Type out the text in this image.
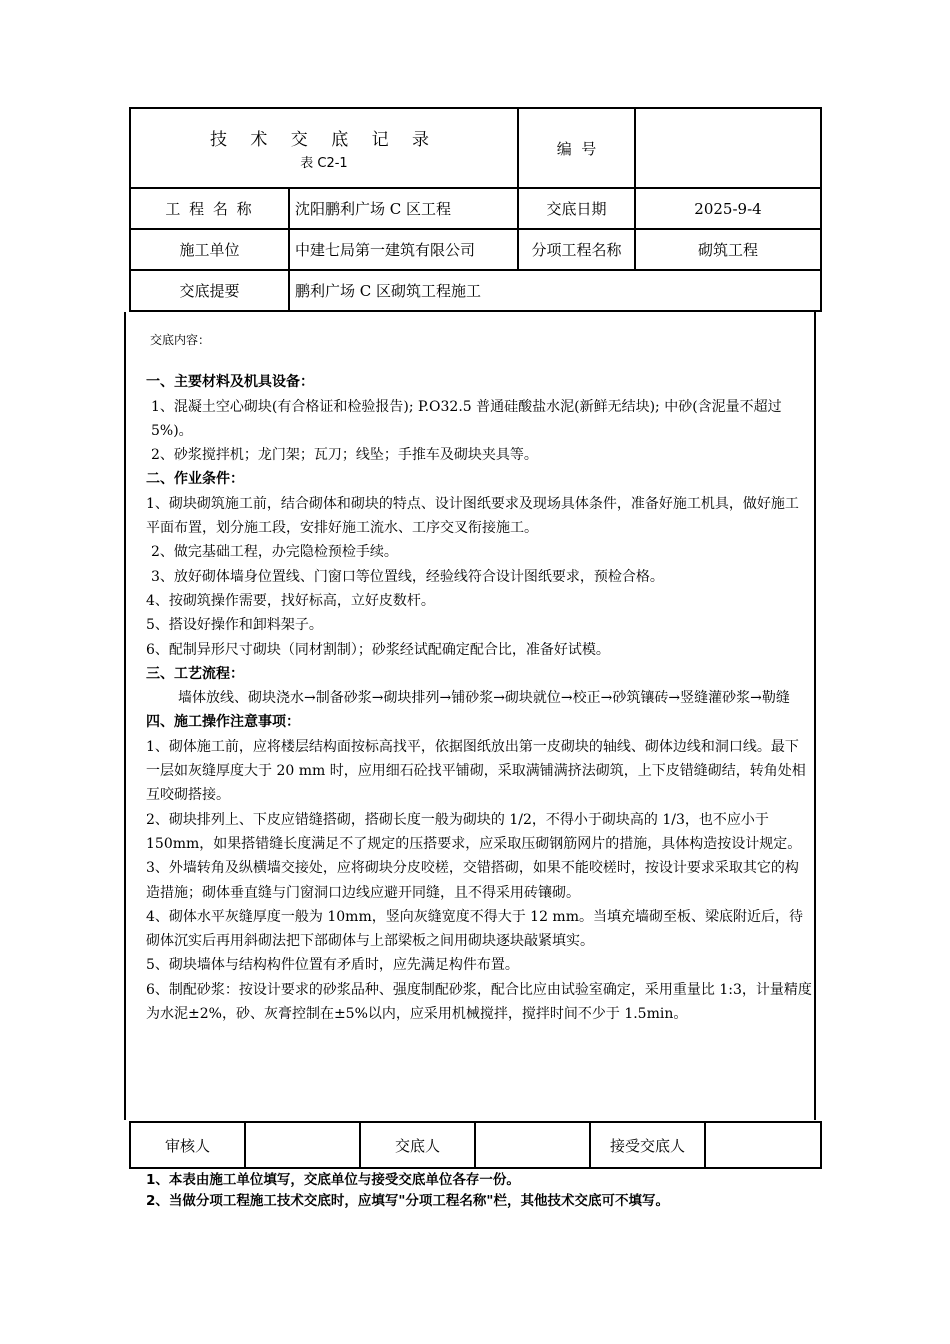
技 术 交 底 记 录
表 C2-1		编  号	
工 程 名 称	沈阳鹏利广场 C 区工程	交底日期	2025-9-4
施工单位	中建七局第一建筑有限公司	分项工程名称	砌筑工程
交底提要	鹏利广场 C 区砌筑工程施工		

交底内容：

一、主要材料及机具设备：

1、混凝土空心砌块(有合格证和检验报告); P.O32.5 普通硅酸盐水泥(新鲜无结块); 中砂(含泥量不超过 5%)。

2、砂浆搅拌机；龙门架；瓦刀；线坠；手推车及砌块夹具等。

二、作业条件：

1、砌块砌筑施工前，结合砌体和砌块的特点、设计图纸要求及现场具体条件，准备好施工机具，做好施工平面布置，划分施工段，安排好施工流水、工序交叉衔接施工。

2、做完基础工程，办完隐检预检手续。

3、放好砌体墙身位置线、门窗口等位置线，经验线符合设计图纸要求，预检合格。

4、按砌筑操作需要，找好标高，立好皮数杆。

5、搭设好操作和卸料架子。

6、配制异形尺寸砌块（同材割制）；砂浆经试配确定配合比，准备好试模。

三、工艺流程：

墙体放线、砌块浇水→制备砂浆→砌块排列→铺砂浆→砌块就位→校正→砂筑镶砖→竖缝灌砂浆→勒缝

四、施工操作注意事项：

1、砌体施工前，应将楼层结构面按标高找平，依据图纸放出第一皮砌块的轴线、砌体边线和洞口线。最下一层如灰缝厚度大于 20 mm 时，应用细石砼找平铺砌，采取满铺满挤法砌筑，上下皮错缝砌结，转角处相互咬砌搭接。

2、砌块排列上、下皮应错缝搭砌，搭砌长度一般为砌块的 1/2，不得小于砌块高的 1/3，也不应小于 150mm，如果搭错缝长度满足不了规定的压搭要求，应采取压砌钢筋网片的措施，具体构造按设计规定。

3、外墙转角及纵横墙交接处，应将砌块分皮咬槎，交错搭砌，如果不能咬槎时，按设计要求采取其它的构造措施；砌体垂直缝与门窗洞口边线应避开同缝，且不得采用砖镶砌。

4、砌体水平灰缝厚度一般为 10mm，竖向灰缝宽度不得大于 12 mm。当填充墙砌至板、梁底附近后，待砌体沉实后再用斜砌法把下部砌体与上部梁板之间用砌块逐块敲紧填实。

5、砌块墙体与结构构件位置有矛盾时，应先满足构件布置。

6、制配砂浆：按设计要求的砂浆品种、强度制配砂浆，配合比应由试验室确定，采用重量比 1:3，计量精度为水泥±2%，砂、灰膏控制在±5%以内，应采用机械搅拌，搅拌时间不少于 1.5min。

审核人		交底人		接受交底人	

1、本表由施工单位填写，交底单位与接受交底单位各存一份。

2、当做分项工程施工技术交底时，应填写"分项工程名称"栏，其他技术交底可不填写。
